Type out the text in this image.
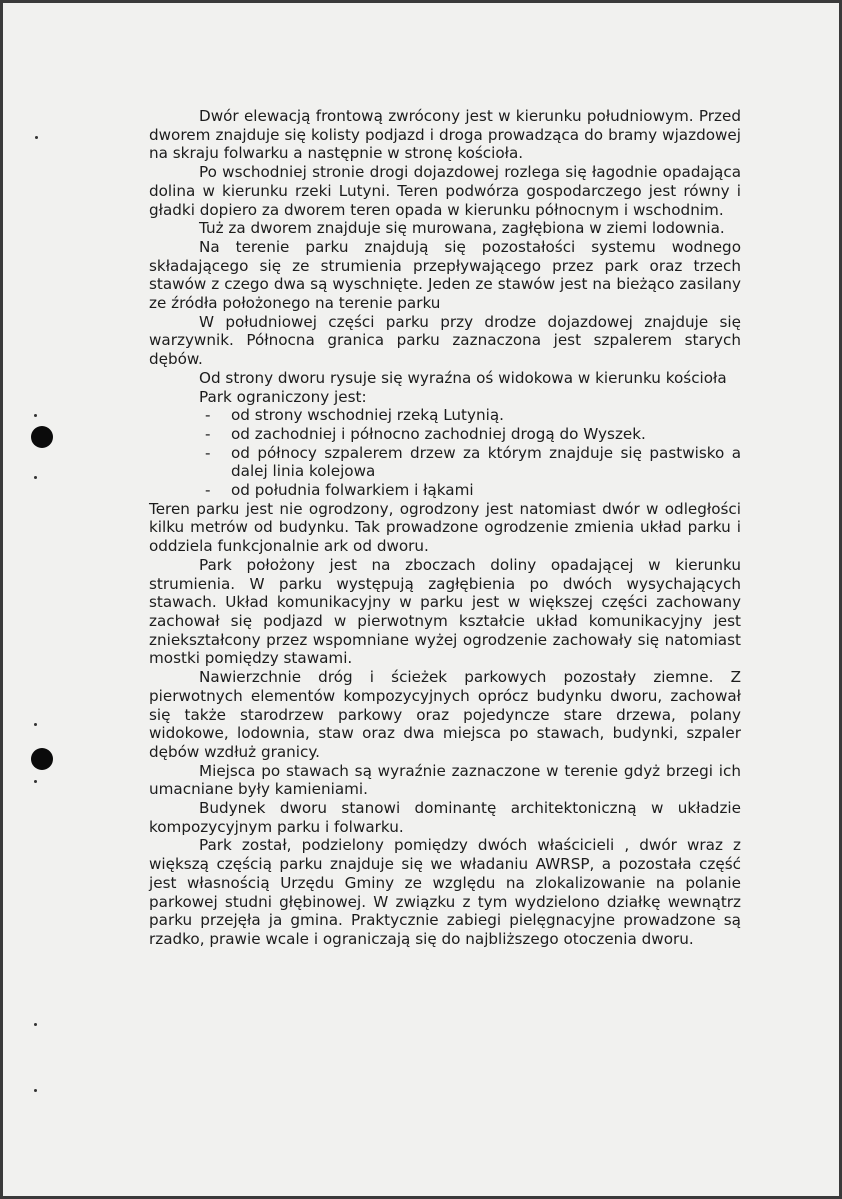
Dwór elewacją frontową zwrócony jest w kierunku południowym. Przed dworem znajduje się kolisty podjazd i droga prowadząca do bramy wjazdowej na skraju folwarku a następnie w stronę kościoła.

Po wschodniej stronie drogi dojazdowej rozlega się łagodnie opadająca dolina w kierunku rzeki Lutyni. Teren podwórza gospodarczego jest równy i gładki dopiero za dworem teren opada w kierunku północnym i wschodnim.

Tuż za dworem znajduje się murowana, zagłębiona w ziemi lodownia.

Na terenie parku znajdują się pozostałości systemu wodnego składającego się ze strumienia przepływającego przez park oraz trzech stawów z czego dwa są wyschnięte. Jeden ze stawów jest na bieżąco zasilany ze źródła położonego na terenie parku

W południowej części parku przy drodze dojazdowej znajduje się warzywnik. Północna granica parku zaznaczona jest szpalerem starych dębów.

Od strony dworu rysuje się wyraźna oś widokowa w kierunku kościoła

Park ograniczony jest:

- od strony wschodniej rzeką Lutynią.
- od zachodniej i północno zachodniej drogą do Wyszek.
- od północy szpalerem drzew za którym znajduje się pastwisko a dalej linia kolejowa
- od południa folwarkiem i łąkami

Teren parku jest nie ogrodzony, ogrodzony jest natomiast dwór w odległości kilku metrów od budynku. Tak prowadzone ogrodzenie zmienia układ parku i oddziela funkcjonalnie ark od dworu.

Park położony jest na zboczach doliny opadającej w kierunku strumienia. W parku występują zagłębienia po dwóch wysychających stawach. Układ komunikacyjny w parku jest w większej części zachowany zachował się podjazd w pierwotnym kształcie układ komunikacyjny jest zniekształcony przez wspomniane wyżej ogrodzenie zachowały się natomiast mostki pomiędzy stawami.

Nawierzchnie dróg i ścieżek parkowych pozostały ziemne. Z pierwotnych elementów kompozycyjnych oprócz budynku dworu, zachował się także starodrzew parkowy oraz pojedyncze stare drzewa, polany widokowe, lodownia, staw oraz dwa miejsca po stawach, budynki, szpaler dębów wzdłuż granicy.

Miejsca po stawach są wyraźnie zaznaczone w terenie gdyż brzegi ich umacniane były kamieniami.

Budynek dworu stanowi dominantę architektoniczną w układzie kompozycyjnym parku i folwarku.

Park został, podzielony pomiędzy dwóch właścicieli , dwór wraz z większą częścią parku znajduje się we władaniu AWRSP, a pozostała część jest własnością Urzędu Gminy ze względu na zlokalizowanie na polanie parkowej studni głębinowej. W związku z tym wydzielono działkę wewnątrz parku przejęła ja gmina. Praktycznie zabiegi pielęgnacyjne prowadzone są rzadko, prawie wcale i ograniczają się do najbliższego otoczenia dworu.
